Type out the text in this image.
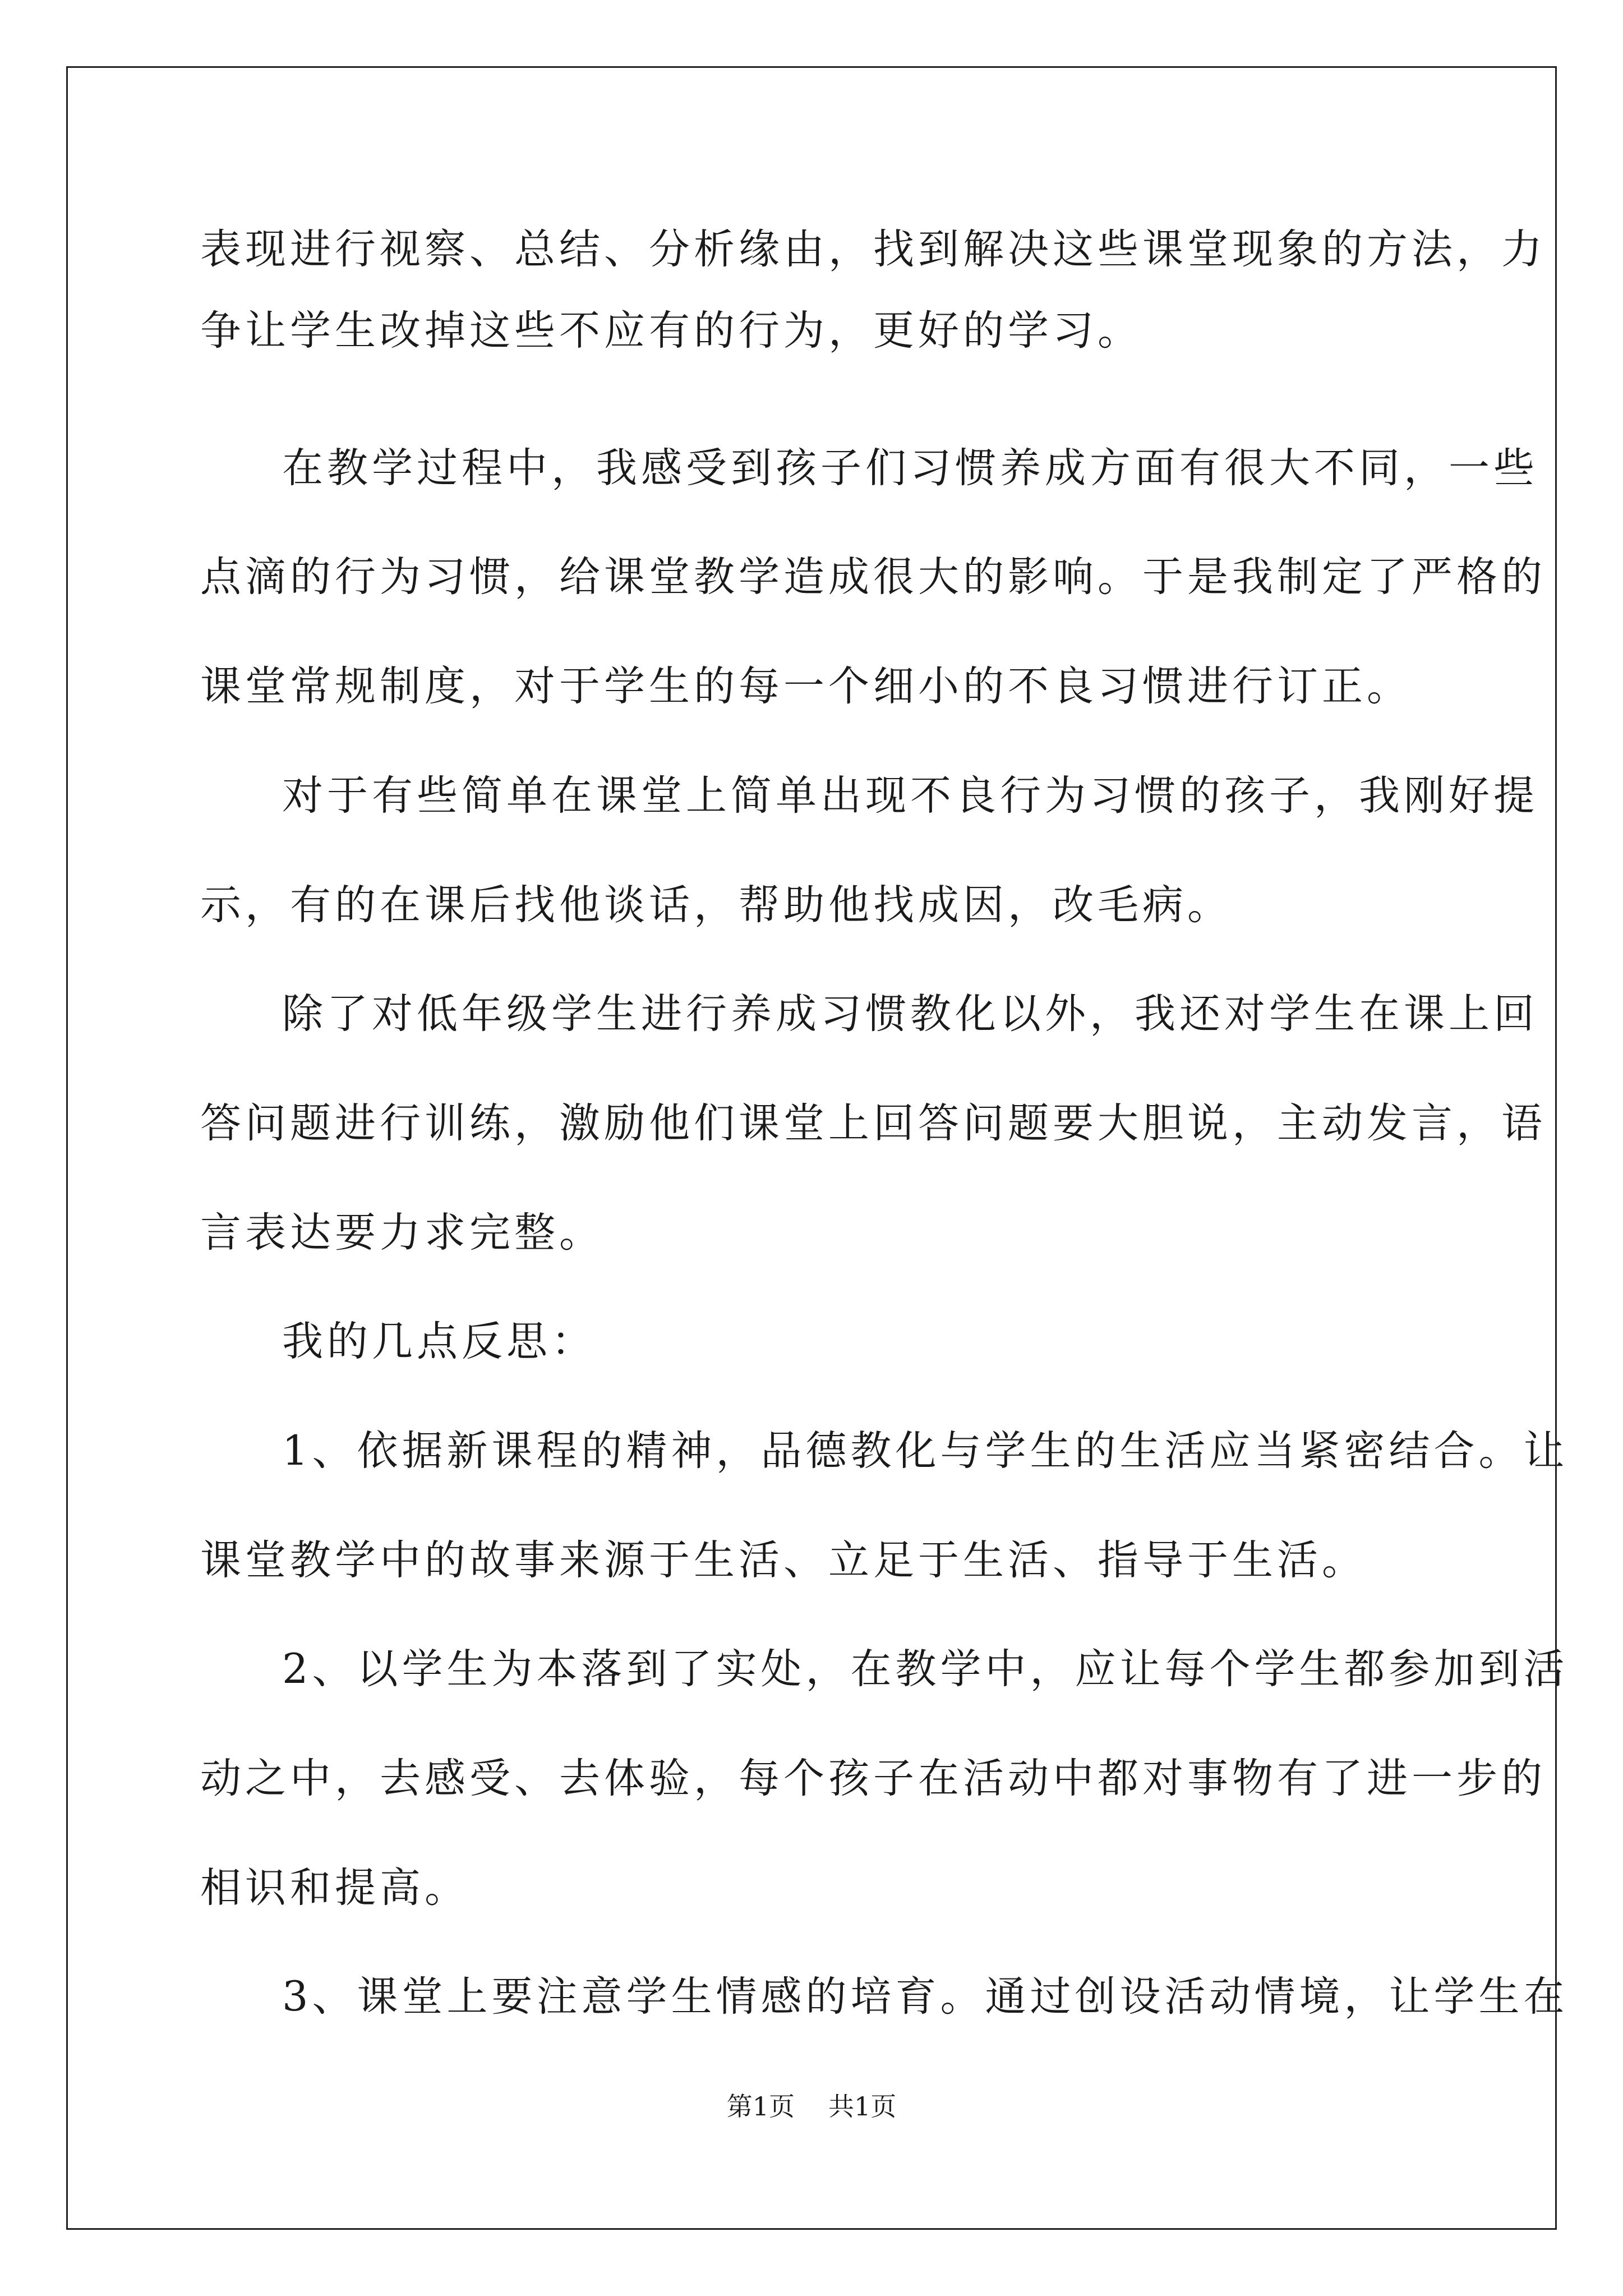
表现进行视察、总结、分析缘由，找到解决这些课堂现象的方法，力
争让学生改掉这些不应有的行为，更好的学习。
在教学过程中，我感受到孩子们习惯养成方面有很大不同，一些
点滴的行为习惯，给课堂教学造成很大的影响。于是我制定了严格的
课堂常规制度，对于学生的每一个细小的不良习惯进行订正。
对于有些简单在课堂上简单出现不良行为习惯的孩子，我刚好提
示，有的在课后找他谈话，帮助他找成因，改毛病。
除了对低年级学生进行养成习惯教化以外，我还对学生在课上回
答问题进行训练，激励他们课堂上回答问题要大胆说，主动发言，语
言表达要力求完整。
我的几点反思：
1、依据新课程的精神，品德教化与学生的生活应当紧密结合。让
课堂教学中的故事来源于生活、立足于生活、指导于生活。
2、以学生为本落到了实处，在教学中，应让每个学生都参加到活
动之中，去感受、去体验，每个孩子在活动中都对事物有了进一步的
相识和提高。
3、课堂上要注意学生情感的培育。通过创设活动情境，让学生在
第1页 共1页
